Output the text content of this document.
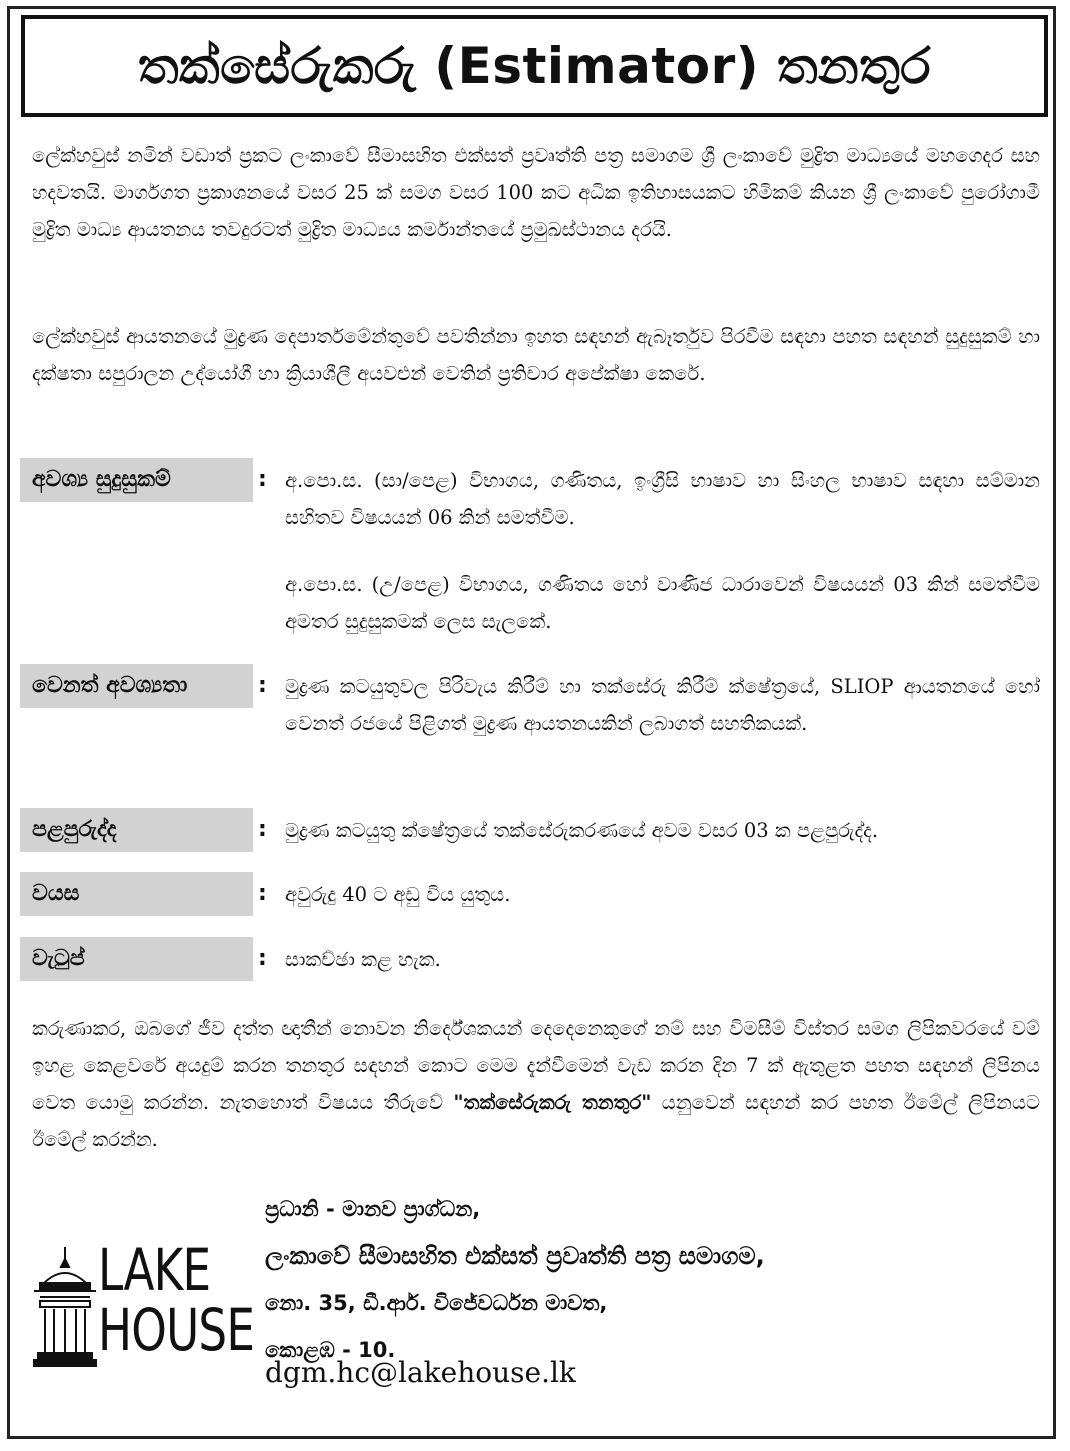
තක්සේරුකරු (Estimator) තනතුර
ලේක්හවුස් නමින් වඩාත් ප්‍රකට ලංකාවේ සීමාසහිත එක්සත් ප්‍රවෘත්ති පත්‍ර සමාගම ශ්‍රී ලංකාවේ මුද්‍රිත මාධ්‍යයේ මහගෙදර සහ හදවතයි. මාර්ගගත ප්‍රකාශනයේ වසර 25 ක් සමග වසර 100 කට අධික ඉතිහාසයකට හිමිකම් කියන ශ්‍රී ලංකාවේ පුරෝගාමී මුද්‍රිත මාධ්‍ය ආයතනය තවදුරටත් මුද්‍රිත මාධ්‍යය කර්මාන්තයේ ප්‍රමුඛස්ථානය දරයි.
ලේක්හවුස් ආයතනයේ මුද්‍රණ දෙපාර්තමේන්තුවේ පවතින්නා ඉහත සඳහන් ඇබෑර්තුව පිරවීම සඳහා පහත සඳහන් සුදුසුකම් හා දක්ෂතා සපුරාලන උද්යෝගී හා ක්‍රියාශීලී අයවළුන් වෙතින් ප්‍රතිචාර අපේක්ෂා කෙරේ.
අවශ්‍ය සුදුසුකම්	: අ.පො.ස. (සා/පෙළ) විභාගය, ගණිතය, ඉංග්‍රීසි භාෂාව හා සිංහල භාෂාව සඳහා සම්මාන සහිතව විෂයයන් 06 කින් සමත්වීම.
අ.පො.ස. (උ/පෙළ) විභාගය, ගණිතය හෝ වාණිජ ධාරාවෙන් විෂයයන් 03 කින් සමත්වීම අමතර සුදුසුකමක් ලෙස සැලකේ.
වෙනත් අවශ්‍යතා	: මුද්‍රණ කටයුතුවල පිරිවැය කිරීම් හා තක්සේරු කිරීම් ක්ෂේත්‍රයේ, SLIOP ආයතනයේ හෝ වෙනත් රජයේ පිළිගත් මුද්‍රණ ආයතනයකින් ලබාගත් සහතිකයක්.
පළපුරුද්ද	: මුද්‍රණ කටයුතු ක්ෂේත්‍රයේ තක්සේරුකරණයේ අවම වසර 03 ක පළපුරුද්ද.
වයස	: අවුරුදු 40 ට අඩු විය යුතුය.
වැටුප්	: සාකච්ඡා කළ හැක.
කරුණාකර, ඔබගේ ජීව දත්ත ඥාතීන් නොවන නිර්දේශකයන් දෙදෙනෙකුගේ නම් සහ විමසීම් විස්තර සමග ලිපිකවරයේ වම් ඉහළ කෙළවරේ අයදුම් කරන තනතුර සඳහන් කොට මෙම දැන්වීමෙන් වැඩ කරන දින 7 ක් ඇතුළත පහත සඳහන් ලිපිනය වෙත යොමු කරන්න. නැතහොත් විෂයය තීරුවේ "තක්සේරුකරු තනතුර" යනුවෙන් සඳහන් කර පහත ඊමේල් ලිපිනයට ඊමේල් කරන්න.
LAKE
HOUSE
ප්‍රධානි - මානව ප්‍රාග්ධන,
ලංකාවේ සීමාසහිත එක්සත් ප්‍රවෘත්ති පත්‍ර සමාගම,
නො. 35, ඩී.ආර්. විජේවර්ධන මාවත,
කොළඹ - 10.
dgm.hc@lakehouse.lk
